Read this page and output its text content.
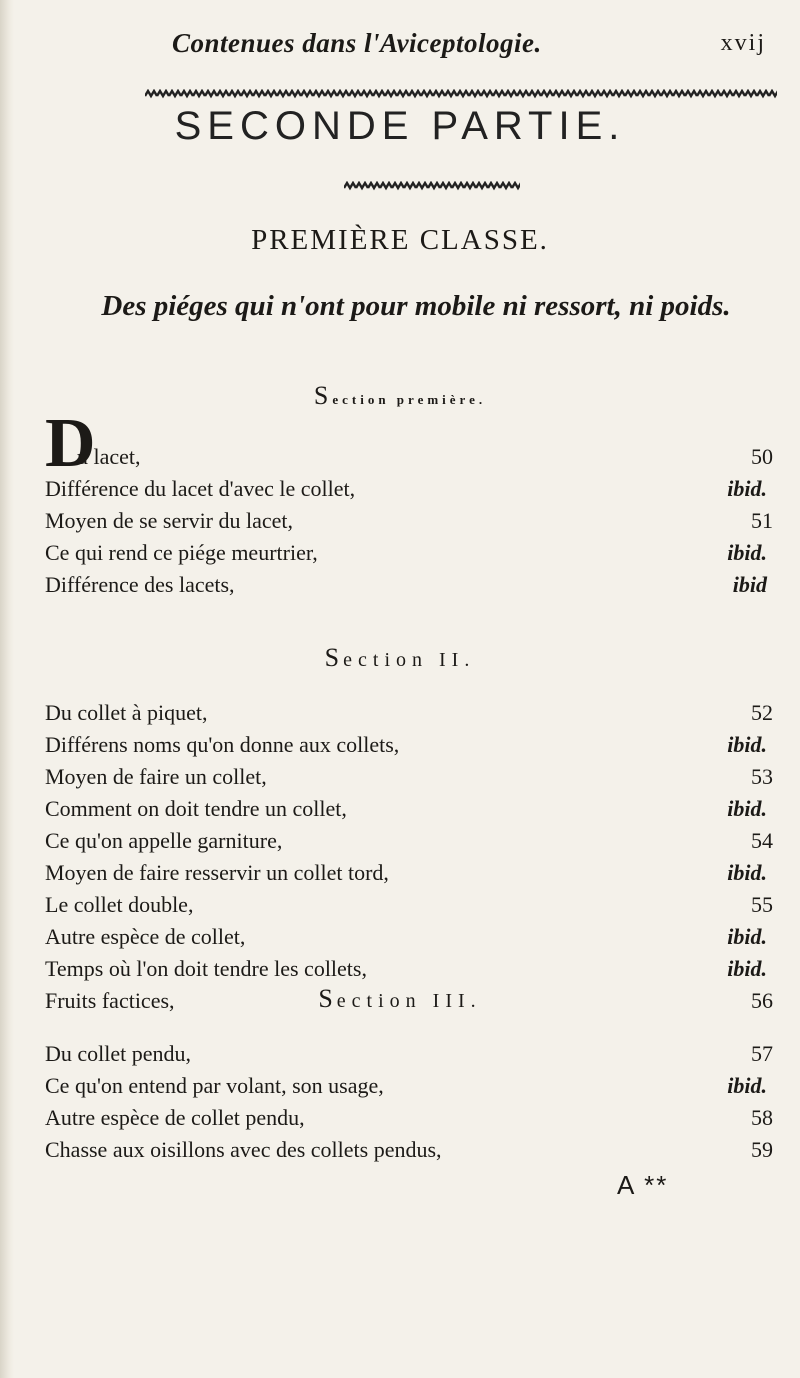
Contenues dans l'Aviceptologie.	xvij
SECONDE PARTIE.
PREMIÈRE CLASSE.
Des piéges qui n'ont pour mobile ni ressort, ni poids.
Section première.
D
u lacet,	50
Différence du lacet d'avec le collet,	ibid.
Moyen de se servir du lacet,	51
Ce qui rend ce piége meurtrier,	ibid.
Différence des lacets,	ibid
Section II.
Du collet à piquet,	52
Différens noms qu'on donne aux collets,	ibid.
Moyen de faire un collet,	53
Comment on doit tendre un collet,	ibid.
Ce qu'on appelle garniture,	54
Moyen de faire resservir un collet tord,	ibid.
Le collet double,	55
Autre espèce de collet,	ibid.
Temps où l'on doit tendre les collets,	ibid.
Fruits factices,	56
Section III.
Du collet pendu,	57
Ce qu'on entend par volant, son usage,	ibid.
Autre espèce de collet pendu,	58
Chasse aux oisillons avec des collets pendus,	59
A **
